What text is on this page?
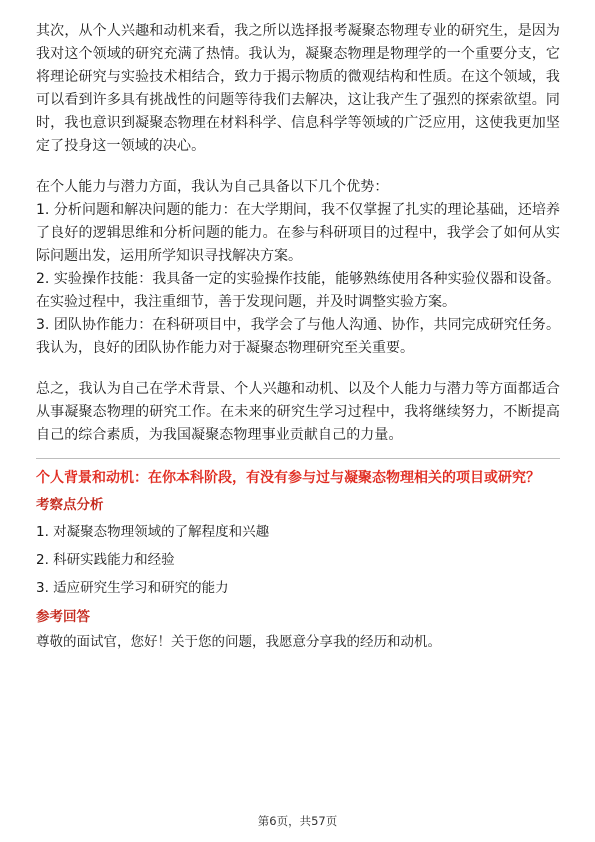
其次，从个人兴趣和动机来看，我之所以选择报考凝聚态物理专业的研究生，是因为我对这个领域的研究充满了热情。我认为，凝聚态物理是物理学的一个重要分支，它将理论研究与实验技术相结合，致力于揭示物质的微观结构和性质。在这个领域，我可以看到许多具有挑战性的问题等待我们去解决，这让我产生了强烈的探索欲望。同时，我也意识到凝聚态物理在材料科学、信息科学等领域的广泛应用，这使我更加坚定了投身这一领域的决心。

在个人能力与潜力方面，我认为自己具备以下几个优势：

1. 分析问题和解决问题的能力：在大学期间，我不仅掌握了扎实的理论基础，还培养了良好的逻辑思维和分析问题的能力。在参与科研项目的过程中，我学会了如何从实际问题出发，运用所学知识寻找解决方案。

2. 实验操作技能：我具备一定的实验操作技能，能够熟练使用各种实验仪器和设备。在实验过程中，我注重细节，善于发现问题，并及时调整实验方案。

3. 团队协作能力：在科研项目中，我学会了与他人沟通、协作，共同完成研究任务。我认为，良好的团队协作能力对于凝聚态物理研究至关重要。

总之，我认为自己在学术背景、个人兴趣和动机、以及个人能力与潜力等方面都适合从事凝聚态物理的研究工作。在未来的研究生学习过程中，我将继续努力，不断提高自己的综合素质，为我国凝聚态物理事业贡献自己的力量。

个人背景和动机：在你本科阶段，有没有参与过与凝聚态物理相关的项目或研究？

考察点分析

1. 对凝聚态物理领域的了解程度和兴趣

2. 科研实践能力和经验

3. 适应研究生学习和研究的能力

参考回答

尊敬的面试官，您好！关于您的问题，我愿意分享我的经历和动机。

第6页，共57页
